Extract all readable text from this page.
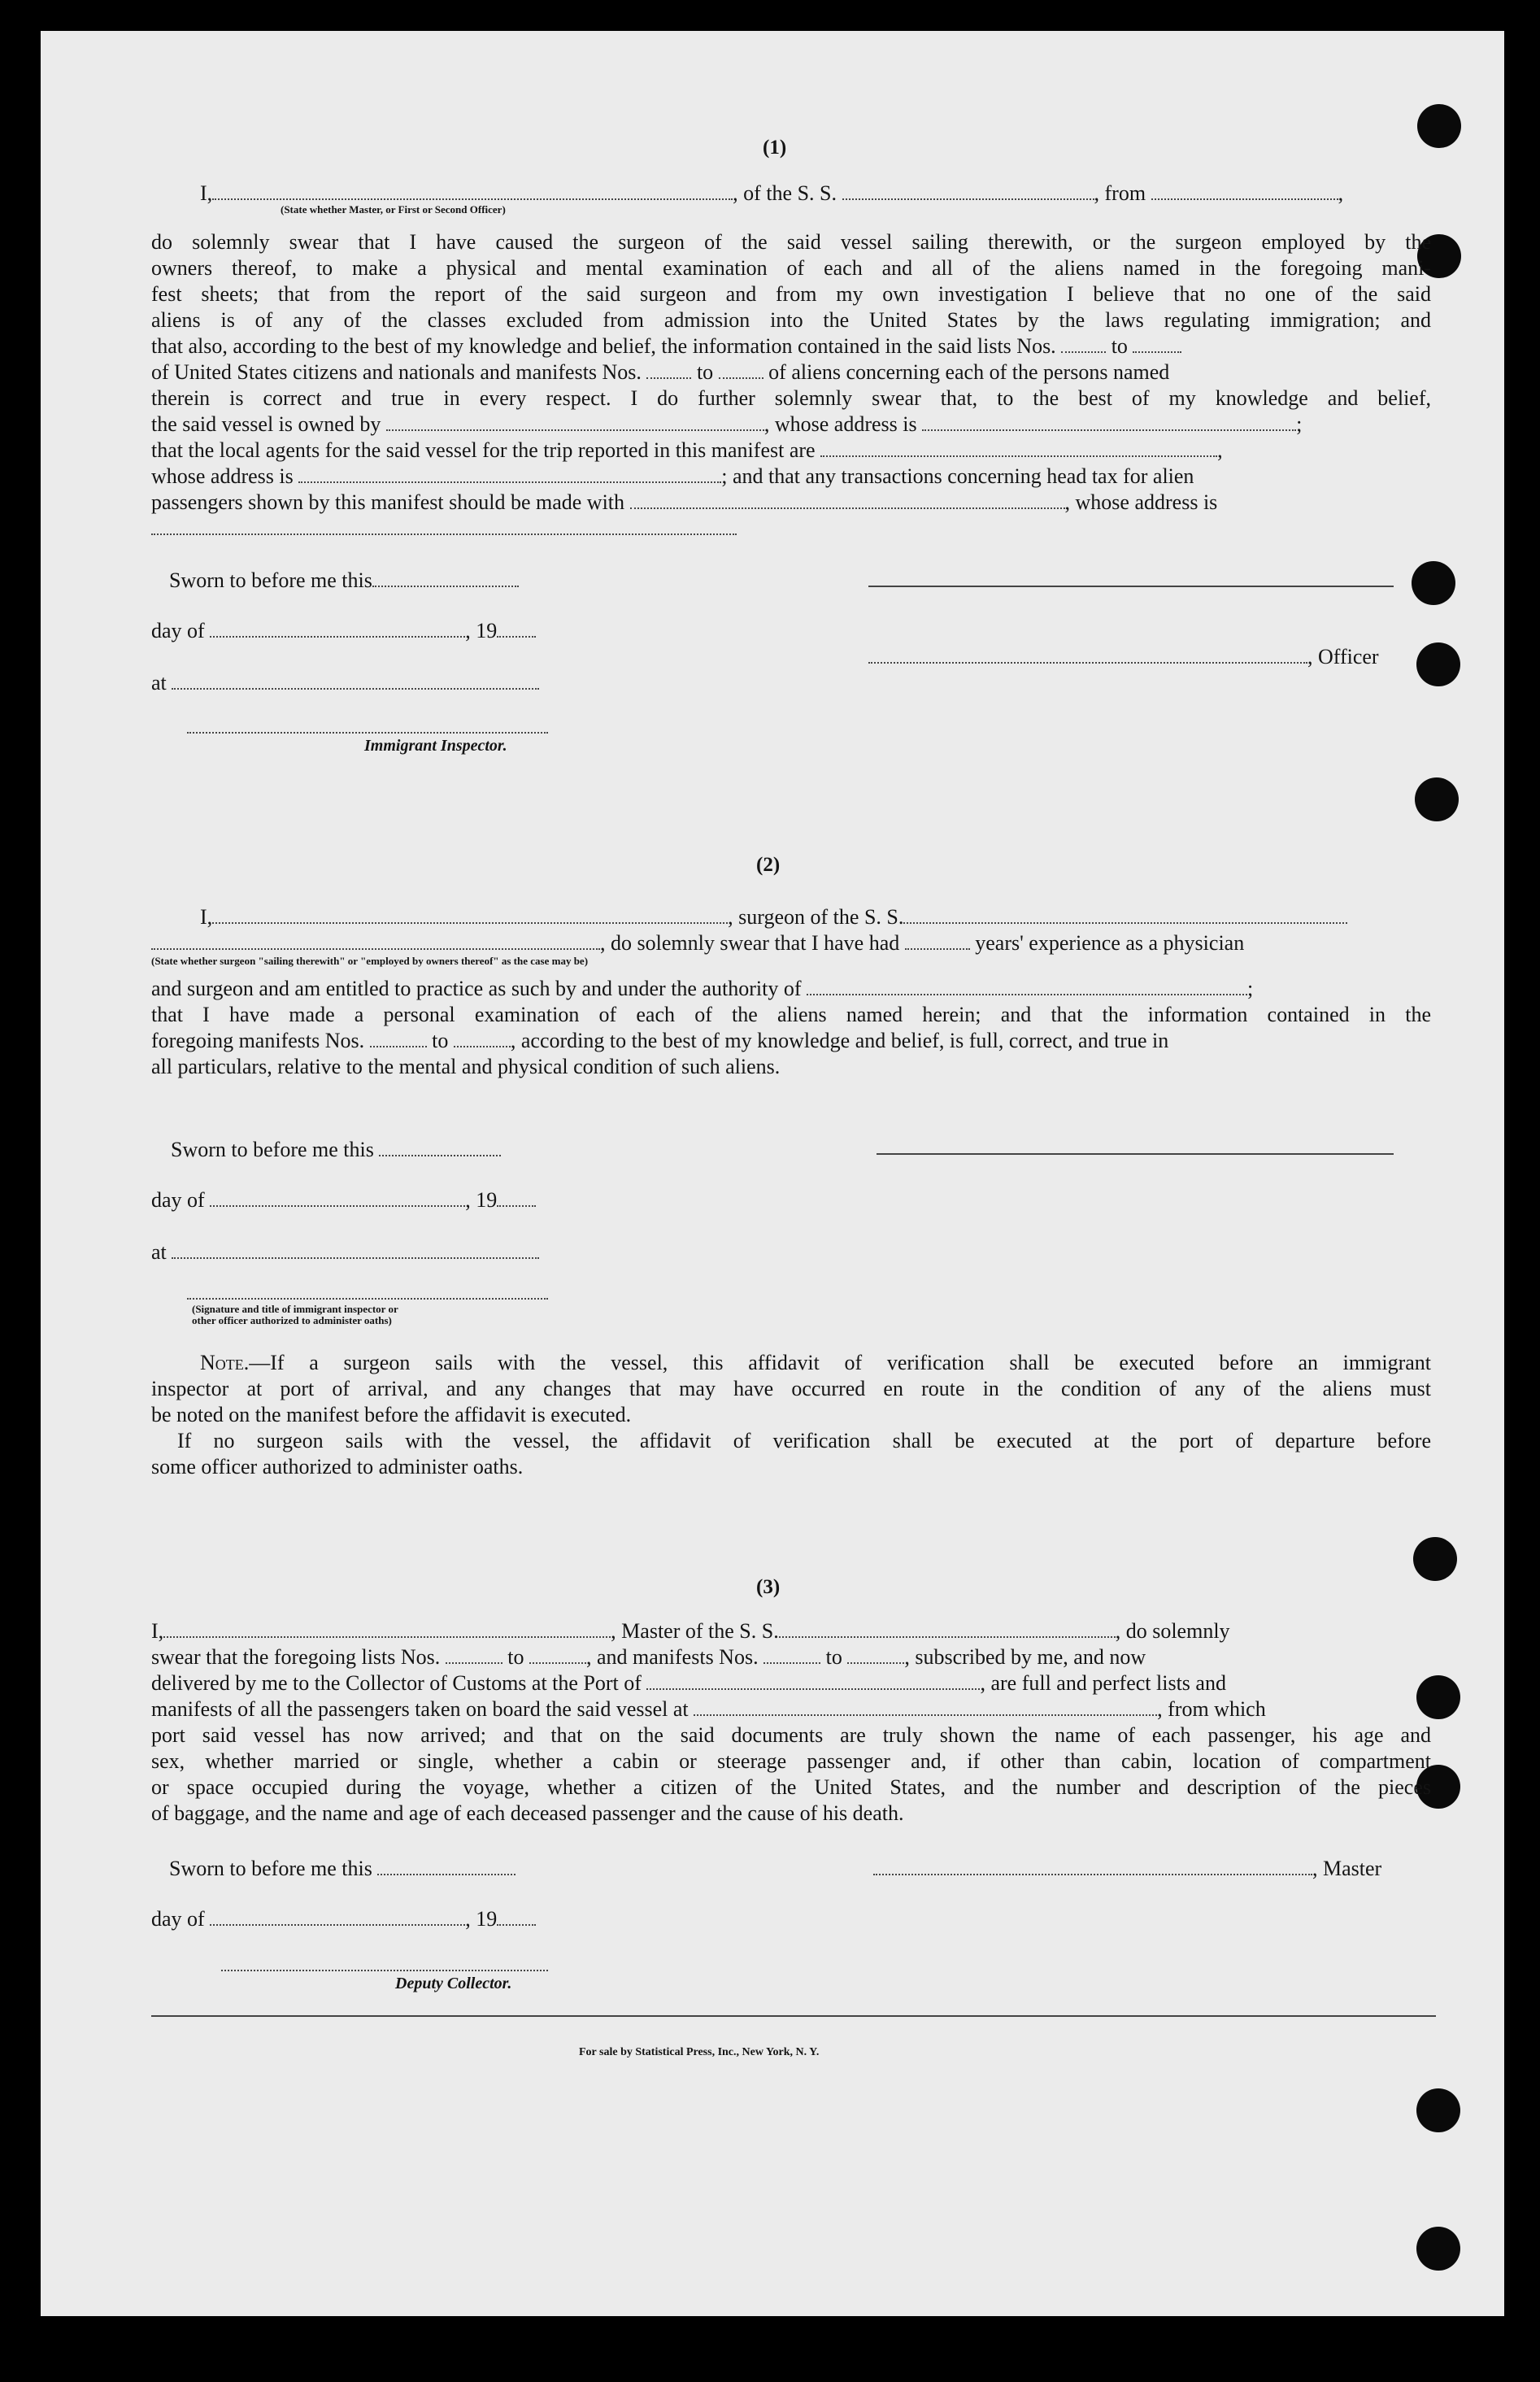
(1)
I,	, of the S. S.	, from	,
(State whether Master, or First or Second Officer)

do solemnly swear that I have caused the surgeon of the said vessel sailing therewith, or the surgeon employed by the

owners thereof, to make a physical and mental examination of each and all of the aliens named in the foregoing mani-

fest sheets; that from the report of the said surgeon and from my own investigation I believe that no one of the said

aliens is of any of the classes excluded from admission into the United States by the laws regulating immigration; and

that also, according to the best of my knowledge and belief, the information contained in the said lists Nos.	to
of United States citizens and nationals and manifests Nos.	to	of aliens concerning each of the persons named

therein is correct and true in every respect. I do further solemnly swear that, to the best of my knowledge and belief,

the said vessel is owned by	, whose address is	;
that the local agents for the said vessel for the trip reported in this manifest are	,
whose address is	; and that any transactions concerning head tax for alien
passengers shown by this manifest should be made with	, whose address is
Sworn to before me this
day of	, 19
, Officer
at
Immigrant Inspector.
(2)
I,	, surgeon of the S. S.
, do solemnly swear that I have had	years' experience as a physician
(State whether surgeon "sailing therewith" or "employed by owners thereof" as the case may be)
and surgeon and am entitled to practice as such by and under the authority of	;

that I have made a personal examination of each of the aliens named herein; and that the information contained in the

foregoing manifests Nos.	to	, according to the best of my knowledge and belief, is full, correct, and true in
all particulars, relative to the mental and physical condition of such aliens.
Sworn to before me this
day of	, 19
at
(Signature and title of immigrant inspector or
other officer authorized to administer oaths)
Note.—If a surgeon sails with the vessel, this affidavit of verification shall be executed before an immigrant

inspector at port of arrival, and any changes that may have occurred en route in the condition of any of the aliens must

be noted on the manifest before the affidavit is executed.

If no surgeon sails with the vessel, the affidavit of verification shall be executed at the port of departure before

some officer authorized to administer oaths.

(3)
I,	, Master of the S. S.	, do solemnly
swear that the foregoing lists Nos.	to	, and manifests Nos.	to	, subscribed by me, and now
delivered by me to the Collector of Customs at the Port of	, are full and perfect lists and
manifests of all the passengers taken on board the said vessel at	, from which

port said vessel has now arrived; and that on the said documents are truly shown the name of each passenger, his age and

sex, whether married or single, whether a cabin or steerage passenger and, if other than cabin, location of compartment

or space occupied during the voyage, whether a citizen of the United States, and the number and description of the pieces

of baggage, and the name and age of each deceased passenger and the cause of his death.

Sworn to before me this	, Master
day of	, 19
Deputy Collector.
For sale by Statistical Press, Inc., New York, N. Y.
